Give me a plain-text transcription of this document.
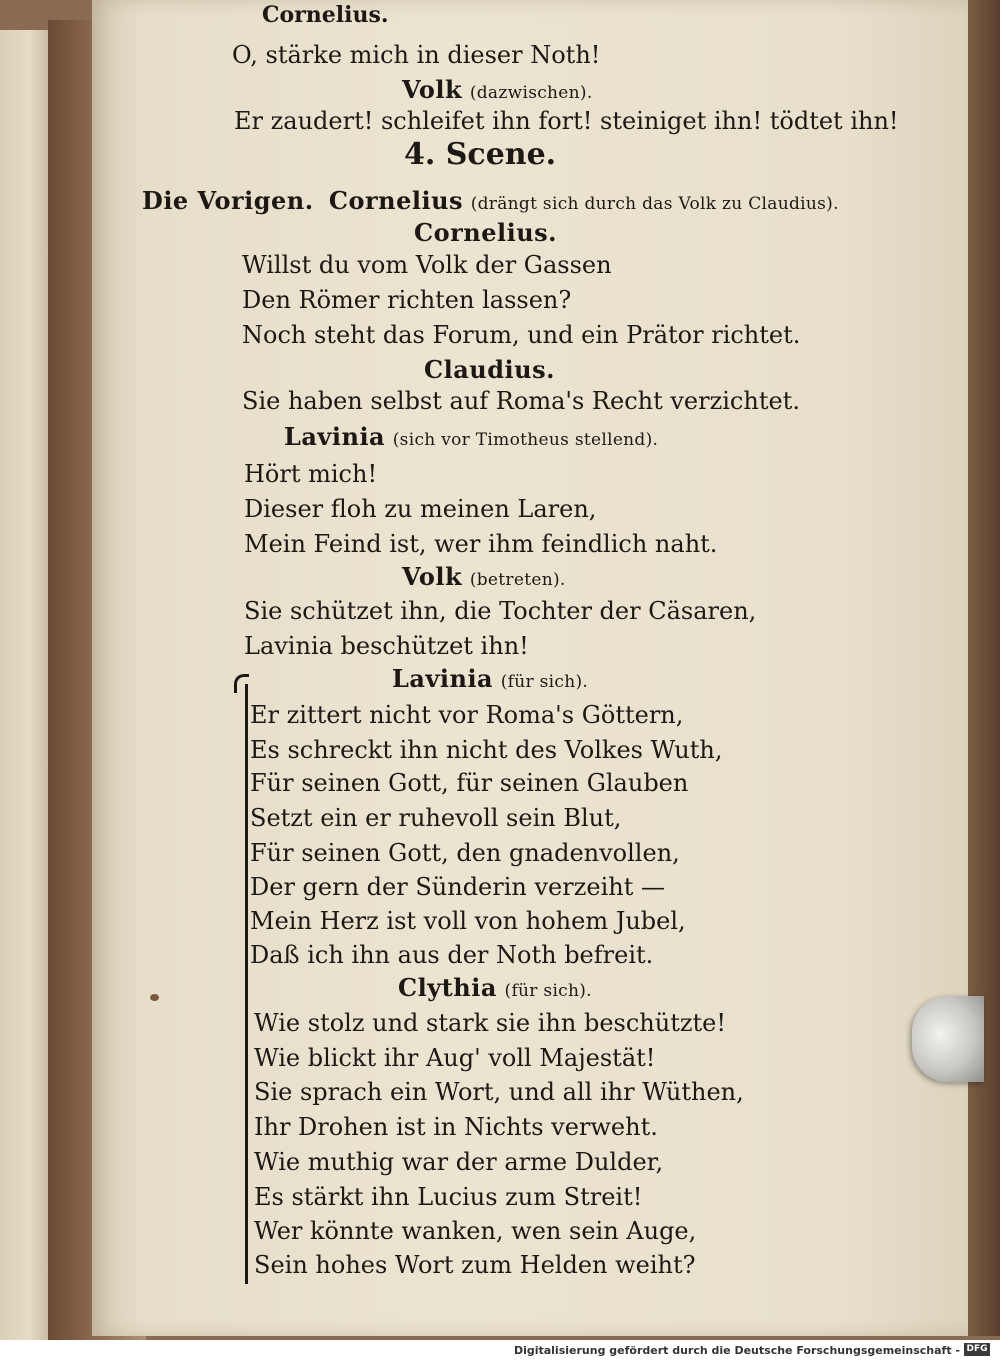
Cornelius.
O, stärke mich in dieser Noth!
Volk (dazwischen).
Er zaudert! schleifet ihn fort! steiniget ihn! tödtet ihn!
4. Scene.
Die Vorigen. Cornelius (drängt sich durch das Volk zu Claudius).
Cornelius.
Willst du vom Volk der Gassen
Den Römer richten lassen?
Noch steht das Forum, und ein Prätor richtet.
Claudius.
Sie haben selbst auf Roma's Recht verzichtet.
Lavinia (sich vor Timotheus stellend).
Hört mich!
Dieser floh zu meinen Laren,
Mein Feind ist, wer ihm feindlich naht.
Volk (betreten).
Sie schützet ihn, die Tochter der Cäsaren,
Lavinia beschützet ihn!
Lavinia (für sich).
Er zittert nicht vor Roma's Göttern,
Es schreckt ihn nicht des Volkes Wuth,
Für seinen Gott, für seinen Glauben
Setzt ein er ruhevoll sein Blut,
Für seinen Gott, den gnadenvollen,
Der gern der Sünderin verzeiht —
Mein Herz ist voll von hohem Jubel,
Daß ich ihn aus der Noth befreit.
Clythia (für sich).
Wie stolz und stark sie ihn beschützte!
Wie blickt ihr Aug' voll Majestät!
Sie sprach ein Wort, und all ihr Wüthen,
Ihr Drohen ist in Nichts verweht.
Wie muthig war der arme Dulder,
Es stärkt ihn Lucius zum Streit!
Wer könnte wanken, wen sein Auge,
Sein hohes Wort zum Helden weiht?
Digitalisierung gefördert durch die Deutsche Forschungsgemeinschaft - DFG
